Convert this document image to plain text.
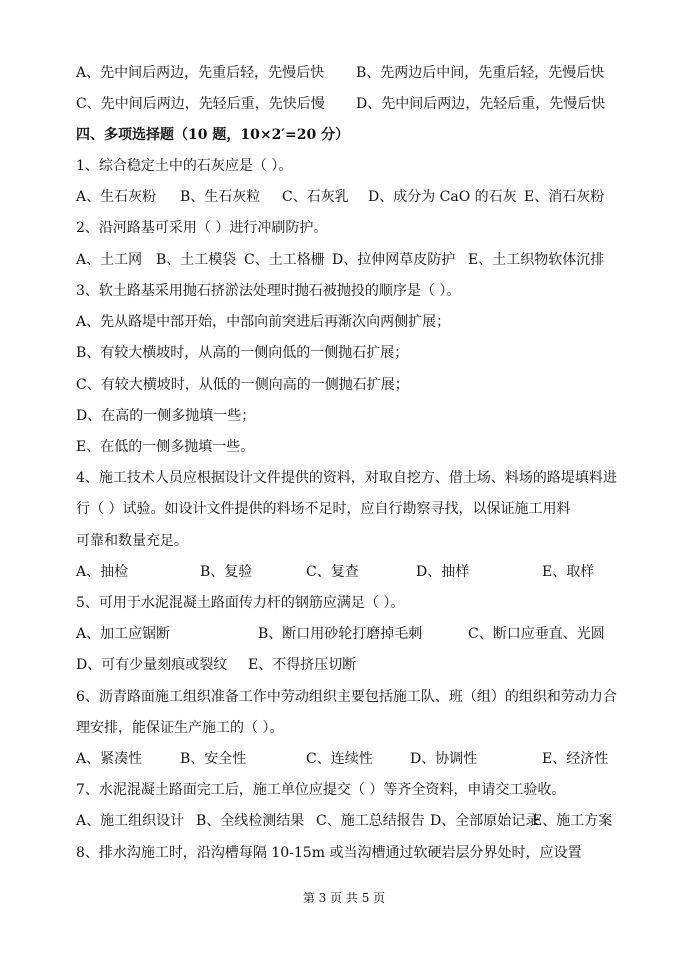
A、先中间后两边，先重后轻，先慢后快 B、先两边后中间，先重后轻，先慢后快
C、先中间后两边，先轻后重，先快后慢 D、先中间后两边，先轻后重，先慢后快
四、多项选择题（10 题，10×2′=20 分）
1、综合稳定土中的石灰应是（ ）。
A、生石灰粉 B、生石灰粒 C、石灰乳 D、成分为 CaO 的石灰 E、消石灰粉
2、沿河路基可采用（ ）进行冲刷防护。
A、土工网 B、土工模袋 C、土工格栅 D、拉伸网草皮防护 E、土工织物软体沉排
3、软土路基采用抛石挤淤法处理时抛石被抛投的顺序是（ ）。
A、先从路堤中部开始，中部向前突进后再渐次向两侧扩展；
B、有较大横坡时，从高的一侧向低的一侧抛石扩展；
C、有较大横坡时，从低的一侧向高的一侧抛石扩展；
D、在高的一侧多抛填一些；
E、在低的一侧多抛填一些。
4、施工技术人员应根据设计文件提供的资料，对取自挖方、借土场、料场的路堤填料进
行（ ）试验。如设计文件提供的料场不足时，应自行勘察寻找，以保证施工用料
可靠和数量充足。
A、抽检	B、复验	C、复查	D、抽样	E、取样
5、可用于水泥混凝土路面传力杆的钢筋应满足（ ）。
A、加工应锯断	B、断口用砂轮打磨掉毛刺	C、断口应垂直、光圆
D、可有少量刻痕或裂纹 E、不得挤压切断
6、沥青路面施工组织准备工作中劳动组织主要包括施工队、班（组）的组织和劳动力合
理安排，能保证生产施工的（ ）。
A、紧凑性	B、安全性	C、连续性	D、协调性	E、经济性
7、水泥混凝土路面完工后，施工单位应提交（ ）等齐全资料，申请交工验收。
A、施工组织设计 B、全线检测结果 C、施工总结报告 D、全部原始记录
E、施工方案
8、排水沟施工时，沿沟槽每隔 10-15m 或当沟槽通过软硬岩层分界处时，应设置
第 3 页 共 5 页
